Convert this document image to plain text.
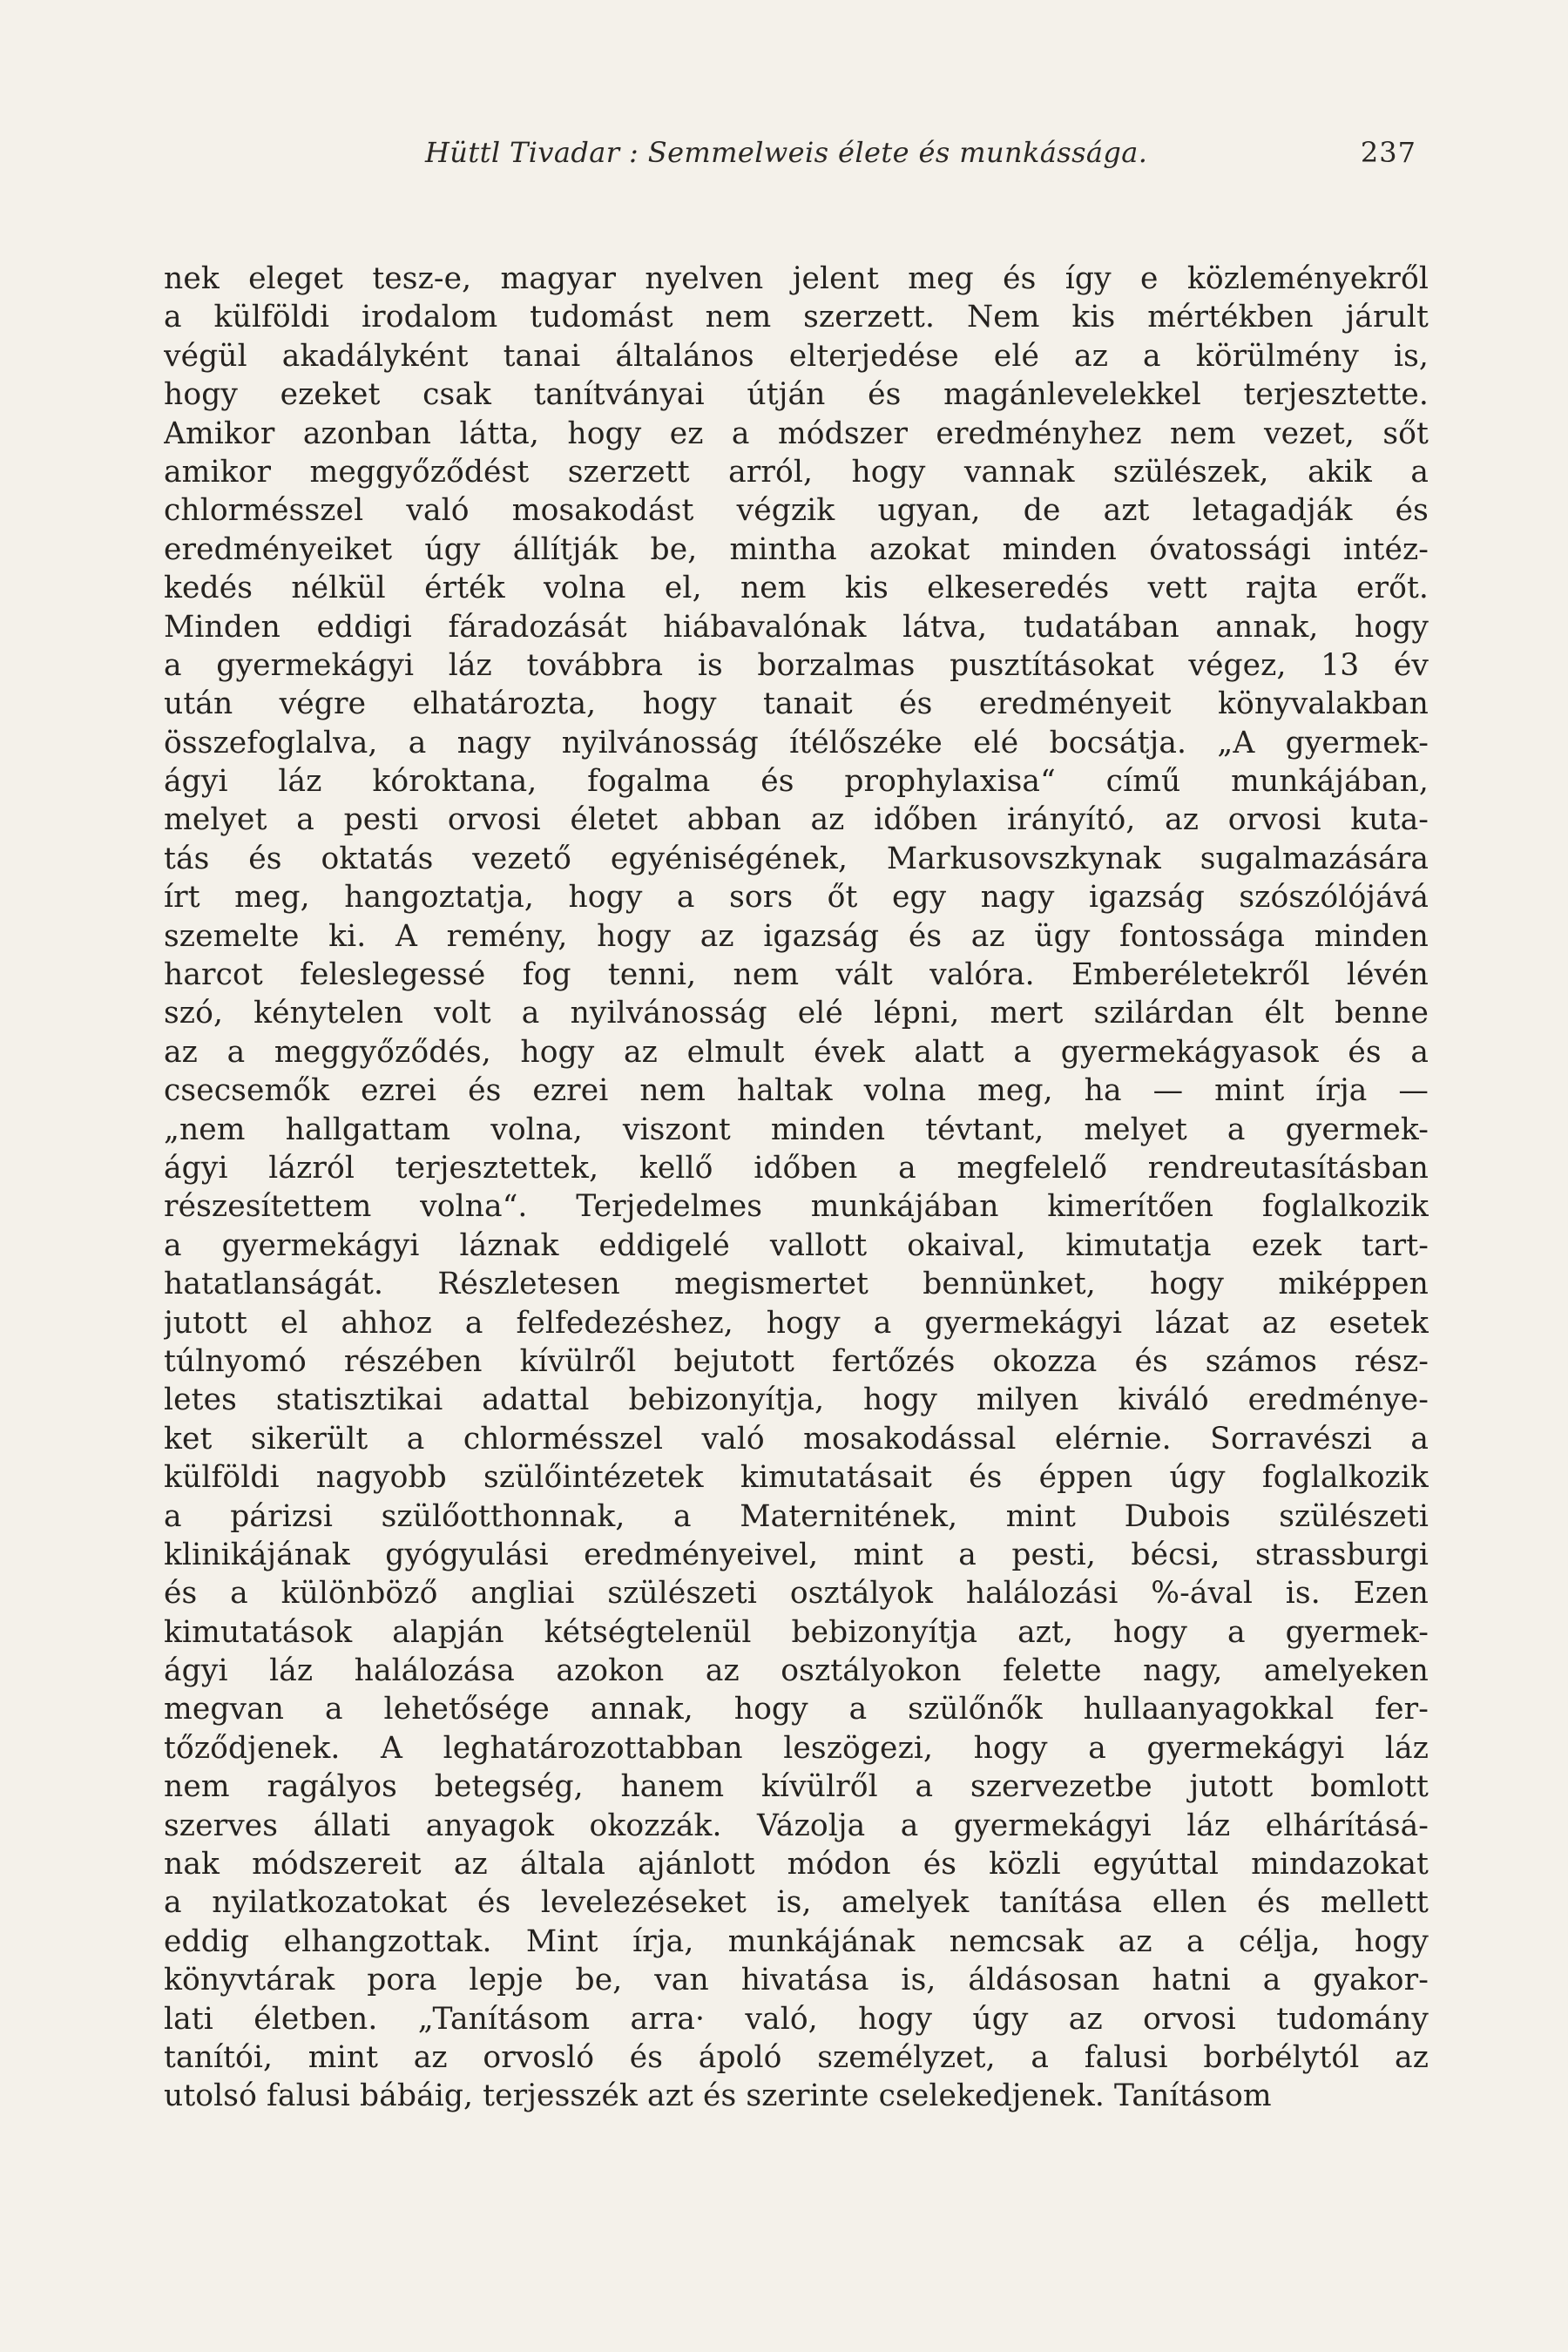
Hüttl Tivadar : Semmelweis élete és munkássága.	237
nek eleget tesz-e, magyar nyelven jelent meg és így e közleményekről
a külföldi irodalom tudomást nem szerzett. Nem kis mértékben járult
végül akadályként tanai általános elterjedése elé az a körülmény is,
hogy ezeket csak tanítványai útján és magánlevelekkel terjesztette.
Amikor azonban látta, hogy ez a módszer eredményhez nem vezet, sőt
amikor meggyőződést szerzett arról, hogy vannak szülészek, akik a
chlormésszel való mosakodást végzik ugyan, de azt letagadják és
eredményeiket úgy állítják be, mintha azokat minden óvatossági intéz-
kedés nélkül érték volna el, nem kis elkeseredés vett rajta erőt.
Minden eddigi fáradozását hiábavalónak látva, tudatában annak, hogy
a gyermekágyi láz továbbra is borzalmas pusztításokat végez, 13 év
után végre elhatározta, hogy tanait és eredményeit könyvalakban
összefoglalva, a nagy nyilvánosság ítélőszéke elé bocsátja. „A gyermek-
ágyi láz kóroktana, fogalma és prophylaxisa“ című munkájában,
melyet a pesti orvosi életet abban az időben irányító, az orvosi kuta-
tás és oktatás vezető egyéniségének, Markusovszkynak sugalmazására
írt meg, hangoztatja, hogy a sors őt egy nagy igazság szószólójává
szemelte ki. A remény, hogy az igazság és az ügy fontossága minden
harcot feleslegessé fog tenni, nem vált valóra. Emberéletekről lévén
szó, kénytelen volt a nyilvánosság elé lépni, mert szilárdan élt benne
az a meggyőződés, hogy az elmult évek alatt a gyermekágyasok és a
csecsemők ezrei és ezrei nem haltak volna meg, ha — mint írja —
„nem hallgattam volna, viszont minden tévtant, melyet a gyermek-
ágyi lázról terjesztettek, kellő időben a megfelelő rendreutasításban
részesítettem volna“. Terjedelmes munkájában kimerítően foglalkozik
a gyermekágyi láznak eddigelé vallott okaival, kimutatja ezek tart-
hatatlanságát. Részletesen megismertet bennünket, hogy miképpen
jutott el ahhoz a felfedezéshez, hogy a gyermekágyi lázat az esetek
túlnyomó részében kívülről bejutott fertőzés okozza és számos rész-
letes statisztikai adattal bebizonyítja, hogy milyen kiváló eredménye-
ket sikerült a chlormésszel való mosakodással elérnie. Sorravészi a
külföldi nagyobb szülőintézetek kimutatásait és éppen úgy foglalkozik
a párizsi szülőotthonnak, a Maternitének, mint Dubois szülészeti
klinikájának gyógyulási eredményeivel, mint a pesti, bécsi, strassburgi
és a különböző angliai szülészeti osztályok halálozási %-ával is. Ezen
kimutatások alapján kétségtelenül bebizonyítja azt, hogy a gyermek-
ágyi láz halálozása azokon az osztályokon felette nagy, amelyeken
megvan a lehetősége annak, hogy a szülőnők hullaanyagokkal fer-
tőződjenek. A leghatározottabban leszögezi, hogy a gyermekágyi láz
nem ragályos betegség, hanem kívülről a szervezetbe jutott bomlott
szerves állati anyagok okozzák. Vázolja a gyermekágyi láz elhárításá-
nak módszereit az általa ajánlott módon és közli egyúttal mindazokat
a nyilatkozatokat és levelezéseket is, amelyek tanítása ellen és mellett
eddig elhangzottak. Mint írja, munkájának nemcsak az a célja, hogy
könyvtárak pora lepje be, van hivatása is, áldásosan hatni a gyakor-
lati életben. „Tanításom arra· való, hogy úgy az orvosi tudomány
tanítói, mint az orvosló és ápoló személyzet, a falusi borbélytól az
utolsó falusi bábáig, terjesszék azt és szerinte cselekedjenek. Tanításom
